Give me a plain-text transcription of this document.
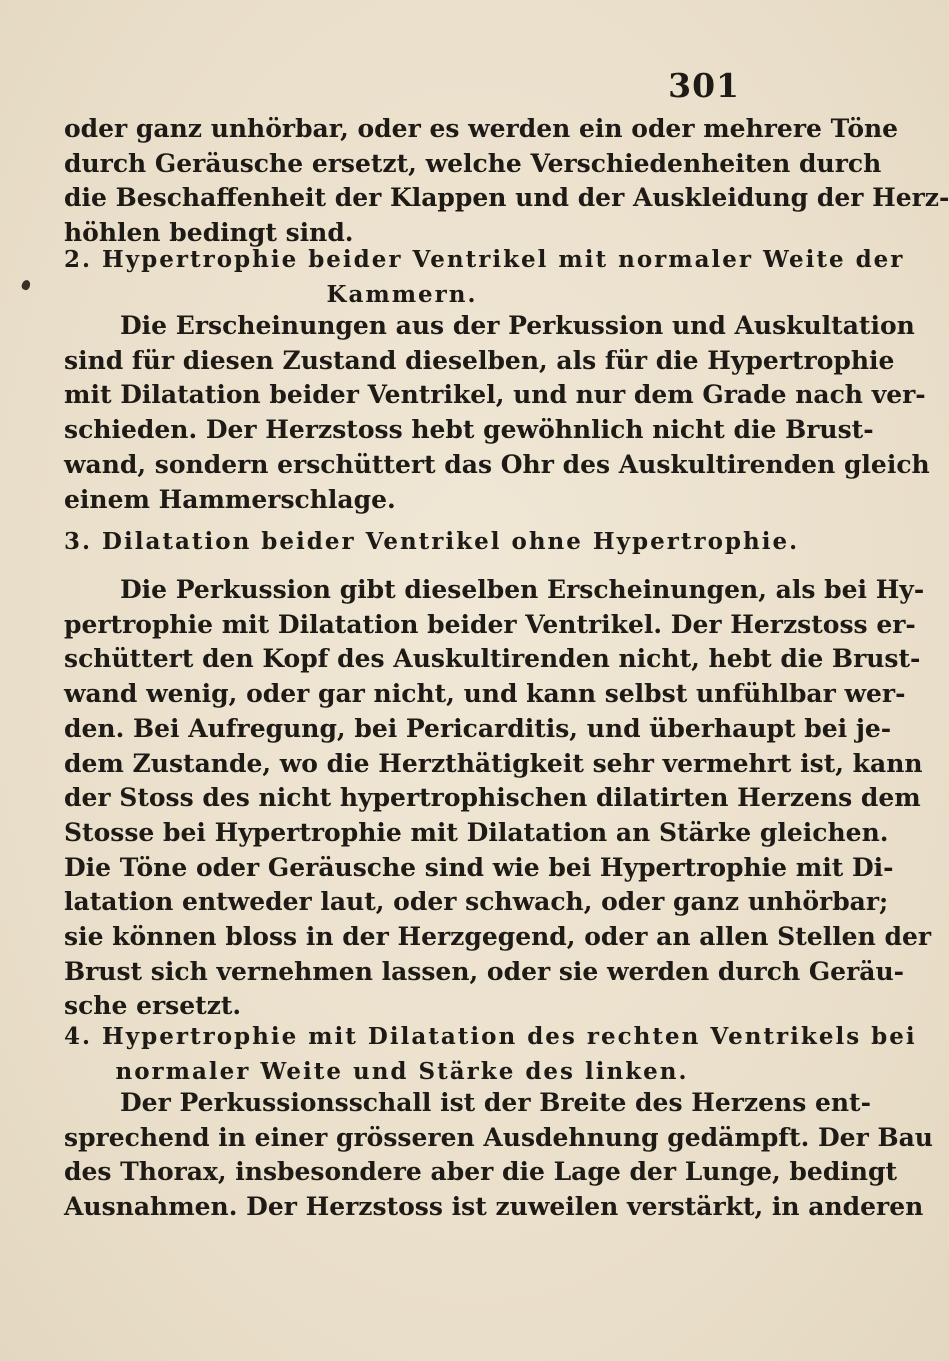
301
oder ganz unhörbar, oder es werden ein oder mehrere Töne
durch Geräusche ersetzt, welche Verschiedenheiten durch
die Beschaffenheit der Klappen und der Auskleidung der Herz-
höhlen bedingt sind.
2. Hypertrophie beider Ventrikel mit normaler Weite der
Kammern.
Die Erscheinungen aus der Perkussion und Auskultation
sind für diesen Zustand dieselben, als für die Hypertrophie
mit Dilatation beider Ventrikel, und nur dem Grade nach ver-
schieden. Der Herzstoss hebt gewöhnlich nicht die Brust-
wand, sondern erschüttert das Ohr des Auskultirenden gleich
einem Hammerschlage.
3. Dilatation beider Ventrikel ohne Hypertrophie.
Die Perkussion gibt dieselben Erscheinungen, als bei Hy-
pertrophie mit Dilatation beider Ventrikel. Der Herzstoss er-
schüttert den Kopf des Auskultirenden nicht, hebt die Brust-
wand wenig, oder gar nicht, und kann selbst unfühlbar wer-
den. Bei Aufregung, bei Pericarditis, und überhaupt bei je-
dem Zustande, wo die Herzthätigkeit sehr vermehrt ist, kann
der Stoss des nicht hypertrophischen dilatirten Herzens dem
Stosse bei Hypertrophie mit Dilatation an Stärke gleichen.
Die Töne oder Geräusche sind wie bei Hypertrophie mit Di-
latation entweder laut, oder schwach, oder ganz unhörbar;
sie können bloss in der Herzgegend, oder an allen Stellen der
Brust sich vernehmen lassen, oder sie werden durch Geräu-
sche ersetzt.
4. Hypertrophie mit Dilatation des rechten Ventrikels bei
normaler Weite und Stärke des linken.
Der Perkussionsschall ist der Breite des Herzens ent-
sprechend in einer grösseren Ausdehnung gedämpft. Der Bau
des Thorax, insbesondere aber die Lage der Lunge, bedingt
Ausnahmen. Der Herzstoss ist zuweilen verstärkt, in anderen
